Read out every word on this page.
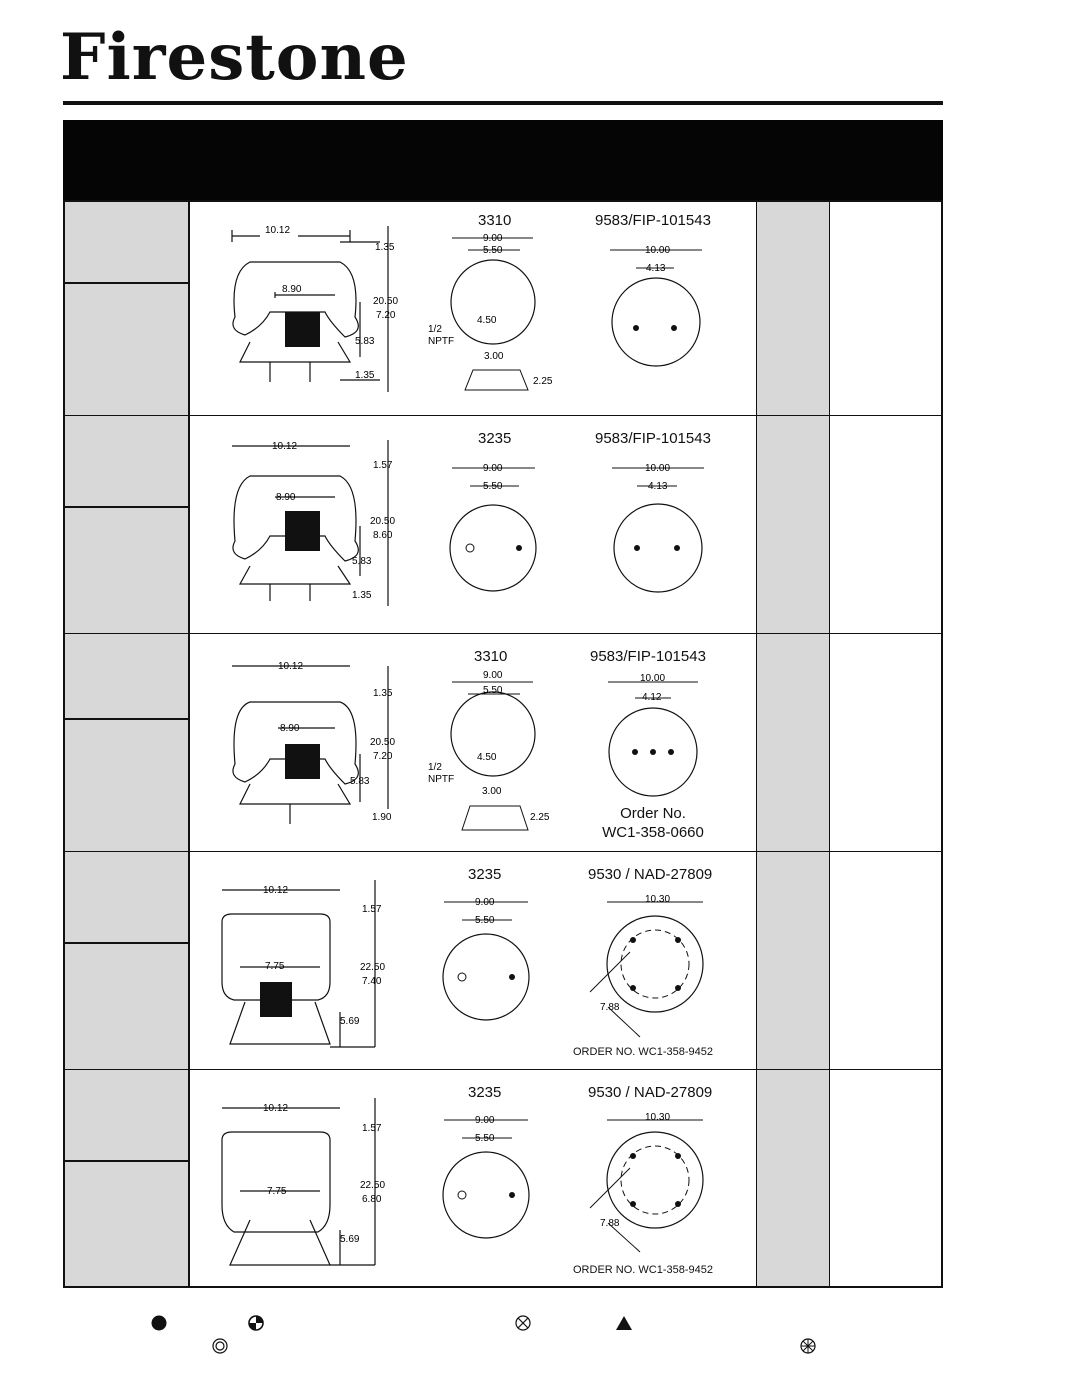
Firestone
10.12
1.35
8.90
20.50
7.20
5.83
1.35
9.00
5.50
4.50
1/2
NPTF
3.00
2.25
10.00
4.13
3310	9583/FIP-101543
10.12
1.57
8.90
20.50
8.60
5.83
1.35
9.00
5.50
10.00
4.13
3235	9583/FIP-101543
10.12
1.35
8.90
20.50
7.20
5.83
1.90
9.00
5.50
4.50
1/2
NPTF
3.00
2.25
10.00
4.12
3310	9583/FIP-101543
Order No.
WC1-358-0660
10.12
1.57
7.75	22.50
7.40
5.69
9.00
5.50
10.30
7.88
3235	9530 / NAD-27809
ORDER NO. WC1-358-9452
10.12
1.57
7.75
22.50
6.80
5.69
9.00
5.50
10.30
7.88
3235	9530 / NAD-27809
ORDER NO. WC1-358-9452
